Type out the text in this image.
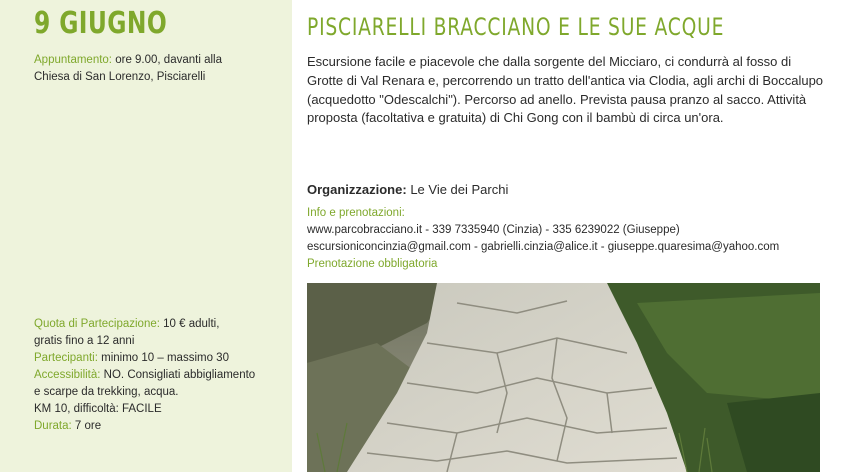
9 GIUGNO
Appuntamento: ore 9.00, davanti alla
Chiesa di San Lorenzo, Pisciarelli
Quota di Partecipazione: 10 € adulti,
gratis fino a 12 anni
Partecipanti: minimo 10 – massimo 30
Accessibilità: NO. Consigliati abbigliamento
e scarpe da trekking, acqua.
KM 10, difficoltà: FACILE
Durata: 7 ore
PISCIARELLI BRACCIANO E LE SUE ACQUE
Escursione facile e piacevole che dalla sorgente del Micciaro, ci condurrà al fosso di Grotte di Val Renara e, percorrendo un tratto dell'antica via Clodia, agli archi di Boccalupo (acquedotto "Odescalchi"). Percorso ad anello. Prevista pausa pranzo al sacco. Attività proposta (facoltativa e gratuita) di Chi Gong con il bambù di circa un'ora.
Organizzazione: Le Vie dei Parchi
Info e prenotazioni:
www.parcobracciano.it - 339 7335940 (Cinzia) - 335 6239022 (Giuseppe)
escursioniconcinzia@gmail.com - gabrielli.cinzia@alice.it - giuseppe.quaresima@yahoo.com
Prenotazione obbligatoria
